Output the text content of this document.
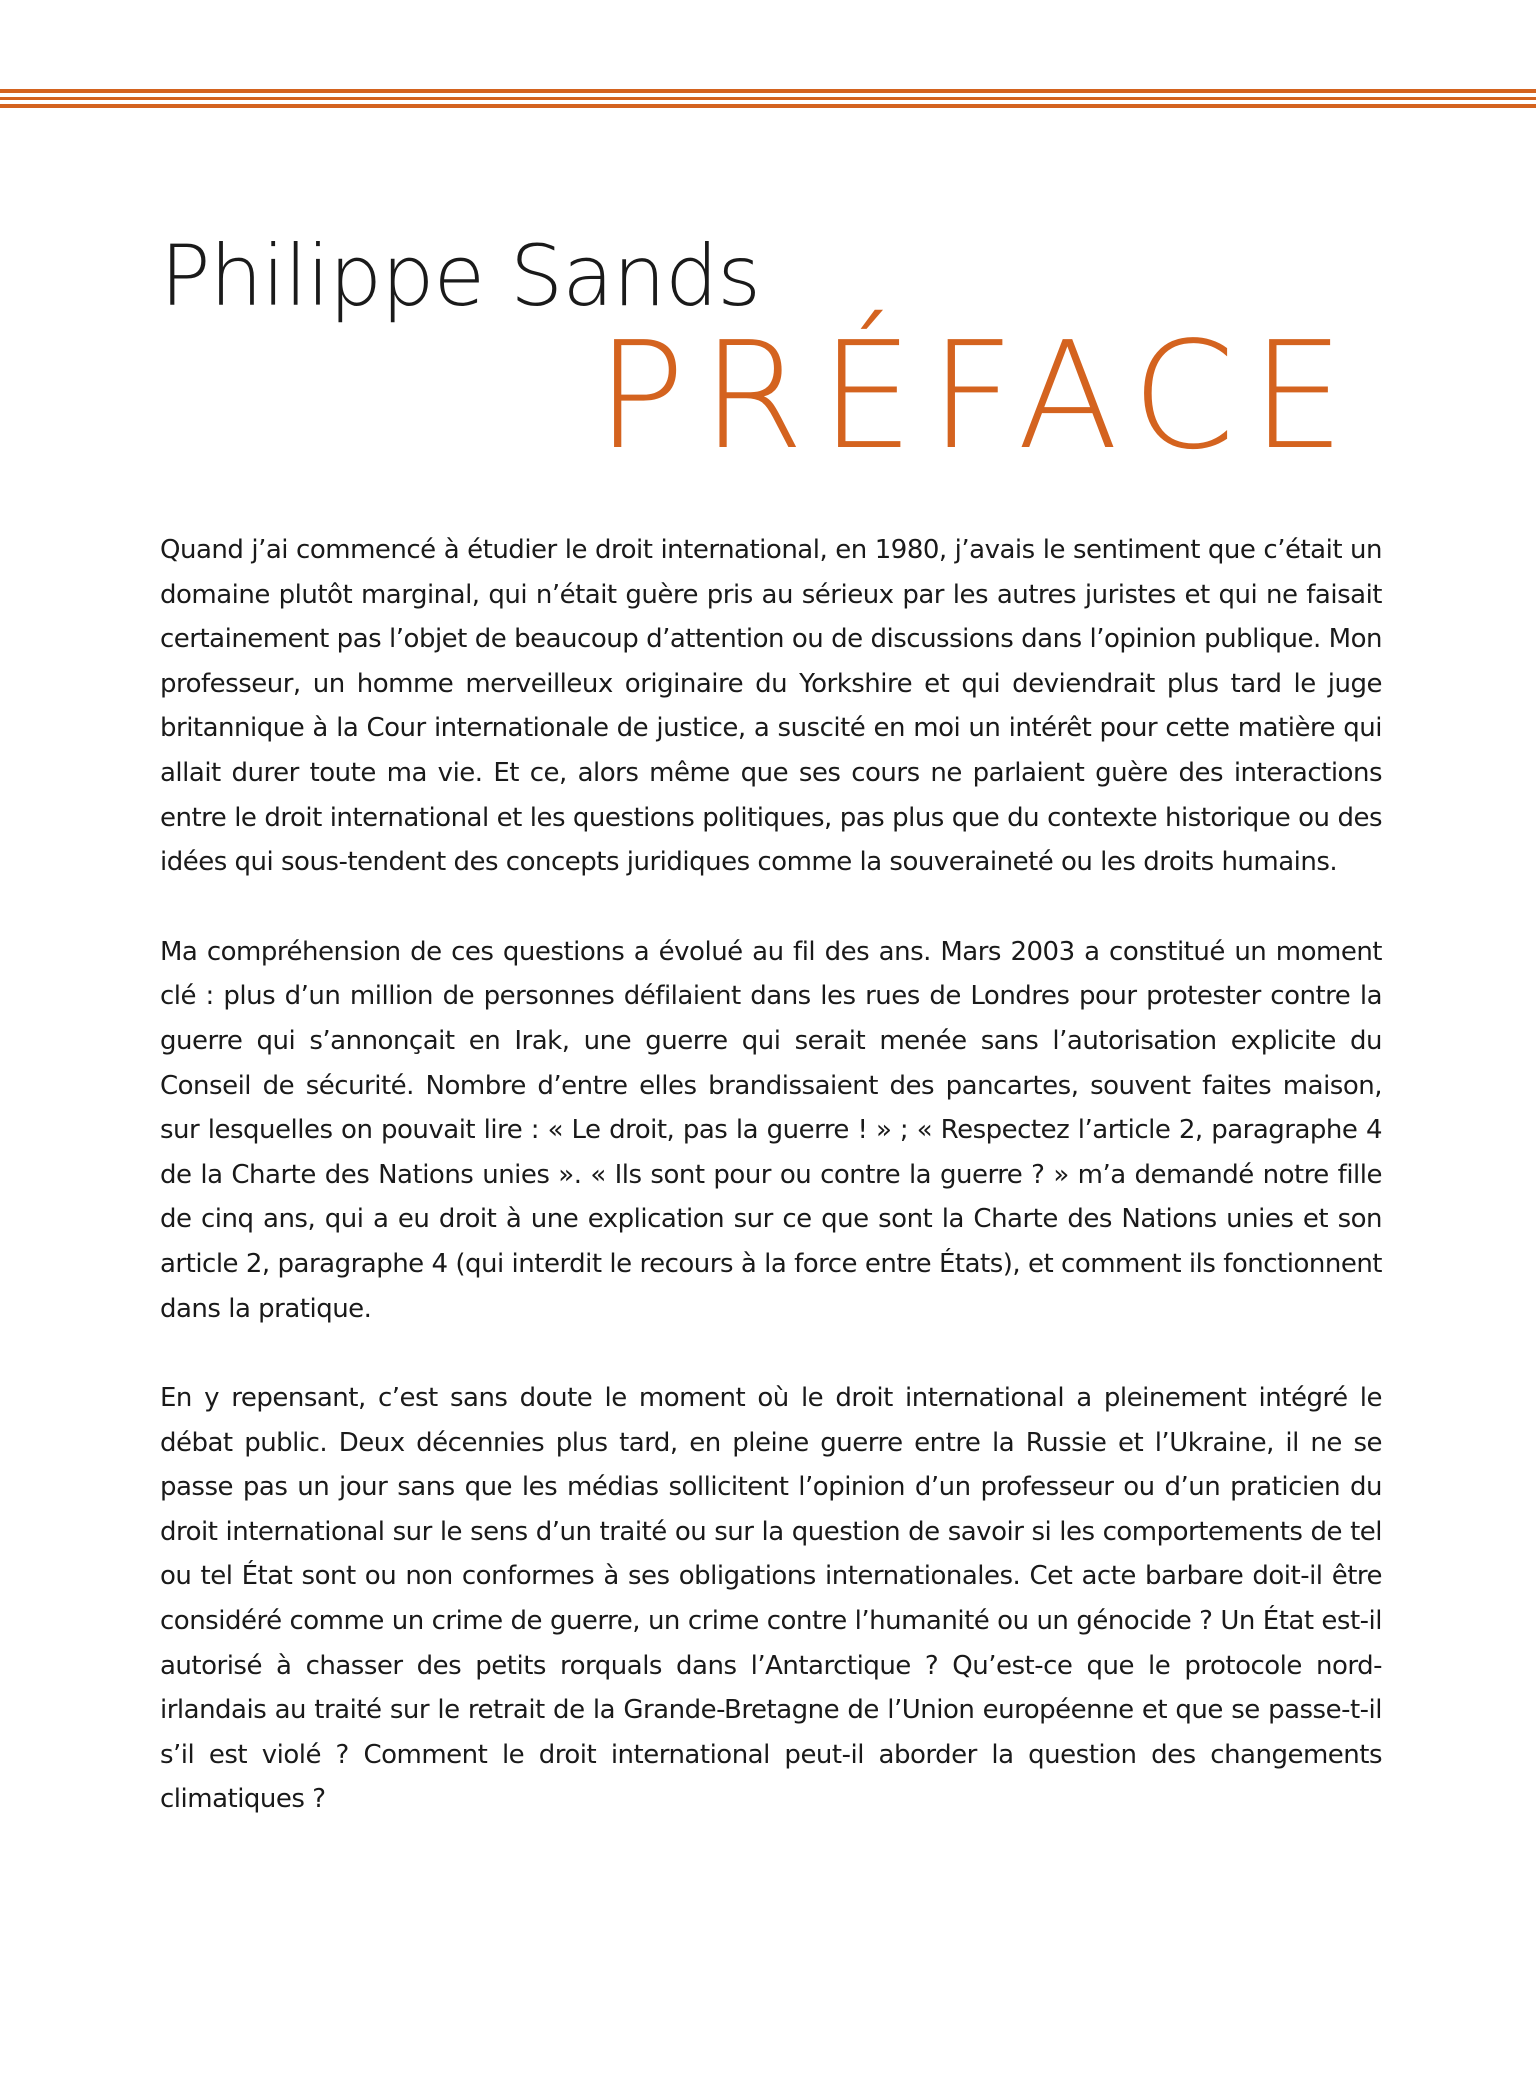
Philippe Sands
PRÉFACE

Quand j’ai commencé à étudier le droit international, en 1980, j’avais le sentiment que c’était un domaine plutôt marginal, qui n’était guère pris au sérieux par les autres juristes et qui ne faisait certainement pas l’objet de beaucoup d’attention ou de discussions dans l’opinion publique. Mon professeur, un homme merveilleux originaire du Yorkshire et qui deviendrait plus tard le juge britannique à la Cour internationale de justice, a suscité en moi un intérêt pour cette matière qui allait durer toute ma vie. Et ce, alors même que ses cours ne parlaient guère des interactions entre le droit international et les questions politiques, pas plus que du contexte historique ou des idées qui sous-tendent des concepts juridiques comme la souveraineté ou les droits humains.

Ma compréhension de ces questions a évolué au fil des ans. Mars 2003 a constitué un moment clé : plus d’un million de personnes défilaient dans les rues de Londres pour protester contre la guerre qui s’annonçait en Irak, une guerre qui serait menée sans l’autorisation explicite du Conseil de sécurité. Nombre d’entre elles brandissaient des pancartes, souvent faites maison, sur lesquelles on pouvait lire : « Le droit, pas la guerre ! » ; « Respectez l’article 2, paragraphe 4 de la Charte des Nations unies ». « Ils sont pour ou contre la guerre ? » m’a demandé notre fille de cinq ans, qui a eu droit à une explication sur ce que sont la Charte des Nations unies et son article 2, paragraphe 4 (qui interdit le recours à la force entre États), et comment ils fonctionnent dans la pratique.

En y repensant, c’est sans doute le moment où le droit international a pleinement intégré le débat public. Deux décennies plus tard, en pleine guerre entre la Russie et l’Ukraine, il ne se passe pas un jour sans que les médias sollicitent l’opinion d’un professeur ou d’un praticien du droit international sur le sens d’un traité ou sur la question de savoir si les comportements de tel ou tel État sont ou non conformes à ses obligations internationales. Cet acte barbare doit-il être considéré comme un crime de guerre, un crime contre l’humanité ou un génocide ? Un État est-il autorisé à chasser des petits rorquals dans l’Antarctique ? Qu’est-ce que le protocole nord-irlandais au traité sur le retrait de la Grande-Bretagne de l’Union européenne et que se passe-t-il s’il est violé ? Comment le droit international peut-il aborder la question des changements climatiques ?
